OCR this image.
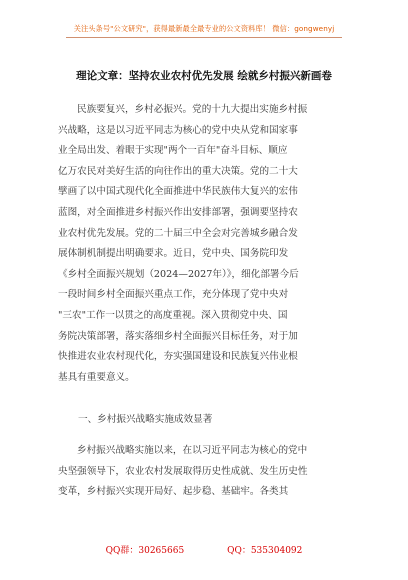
关注头条号"公文研究"，获得最新最全最专业的公文资料库！ 微信：gongwenyj
理论文章：坚持农业农村优先发展 绘就乡村振兴新画卷
民族要复兴，乡村必振兴。党的十九大提出实施乡村振
兴战略，这是以习近平同志为核心的党中央从党和国家事
业全局出发、着眼于实现"两个一百年"奋斗目标、顺应
亿万农民对美好生活的向往作出的重大决策。党的二十大
擘画了以中国式现代化全面推进中华民族伟大复兴的宏伟
蓝图，对全面推进乡村振兴作出安排部署，强调要坚持农
业农村优先发展。党的二十届三中全会对完善城乡融合发
展体制机制提出明确要求。近日，党中央、国务院印发
《乡村全面振兴规划（2024—2027年）》，细化部署今后
一段时间乡村全面振兴重点工作，充分体现了党中央对
"三农"工作一以贯之的高度重视。深入贯彻党中央、国
务院决策部署，落实落细乡村全面振兴目标任务，对于加
快推进农业农村现代化，夯实强国建设和民族复兴伟业根
基具有重要意义。
一、乡村振兴战略实施成效显著
乡村振兴战略实施以来，在以习近平同志为核心的党中
央坚强领导下，农业农村发展取得历史性成就、发生历史性
变革，乡村振兴实现开局好、起步稳、基础牢。各类其
QQ群：30265665	QQ：535304092
